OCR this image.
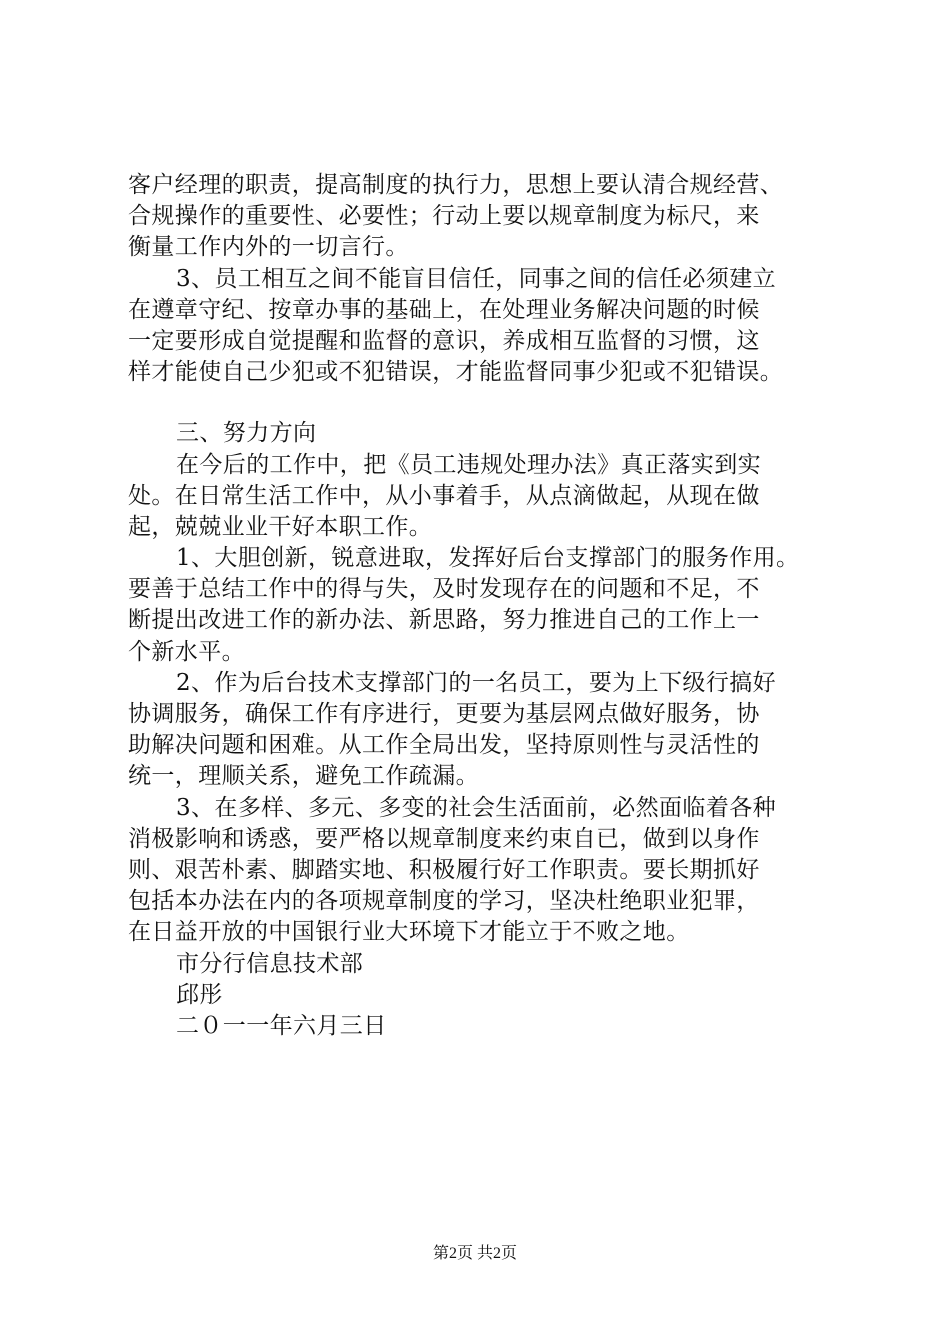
客户经理的职责，提高制度的执行力，思想上要认清合规经营、
合规操作的重要性、必要性；行动上要以规章制度为标尺，来
衡量工作内外的一切言行。
3、员工相互之间不能盲目信任，同事之间的信任必须建立
在遵章守纪、按章办事的基础上，在处理业务解决问题的时候
一定要形成自觉提醒和监督的意识，养成相互监督的习惯，这
样才能使自己少犯或不犯错误，才能监督同事少犯或不犯错误。
三、努力方向
在今后的工作中，把《员工违规处理办法》真正落实到实
处。在日常生活工作中，从小事着手，从点滴做起，从现在做
起，兢兢业业干好本职工作。
1、大胆创新，锐意进取，发挥好后台支撑部门的服务作用。
要善于总结工作中的得与失，及时发现存在的问题和不足，不
断提出改进工作的新办法、新思路，努力推进自己的工作上一
个新水平。
2、作为后台技术支撑部门的一名员工，要为上下级行搞好
协调服务，确保工作有序进行，更要为基层网点做好服务，协
助解决问题和困难。从工作全局出发，坚持原则性与灵活性的
统一，理顺关系，避免工作疏漏。
3、在多样、多元、多变的社会生活面前，必然面临着各种
消极影响和诱惑，要严格以规章制度来约束自已，做到以身作
则、艰苦朴素、脚踏实地、积极履行好工作职责。要长期抓好
包括本办法在内的各项规章制度的学习，坚决杜绝职业犯罪，
在日益开放的中国银行业大环境下才能立于不败之地。
市分行信息技术部
邱彤
二０一一年六月三日
第2页 共2页
